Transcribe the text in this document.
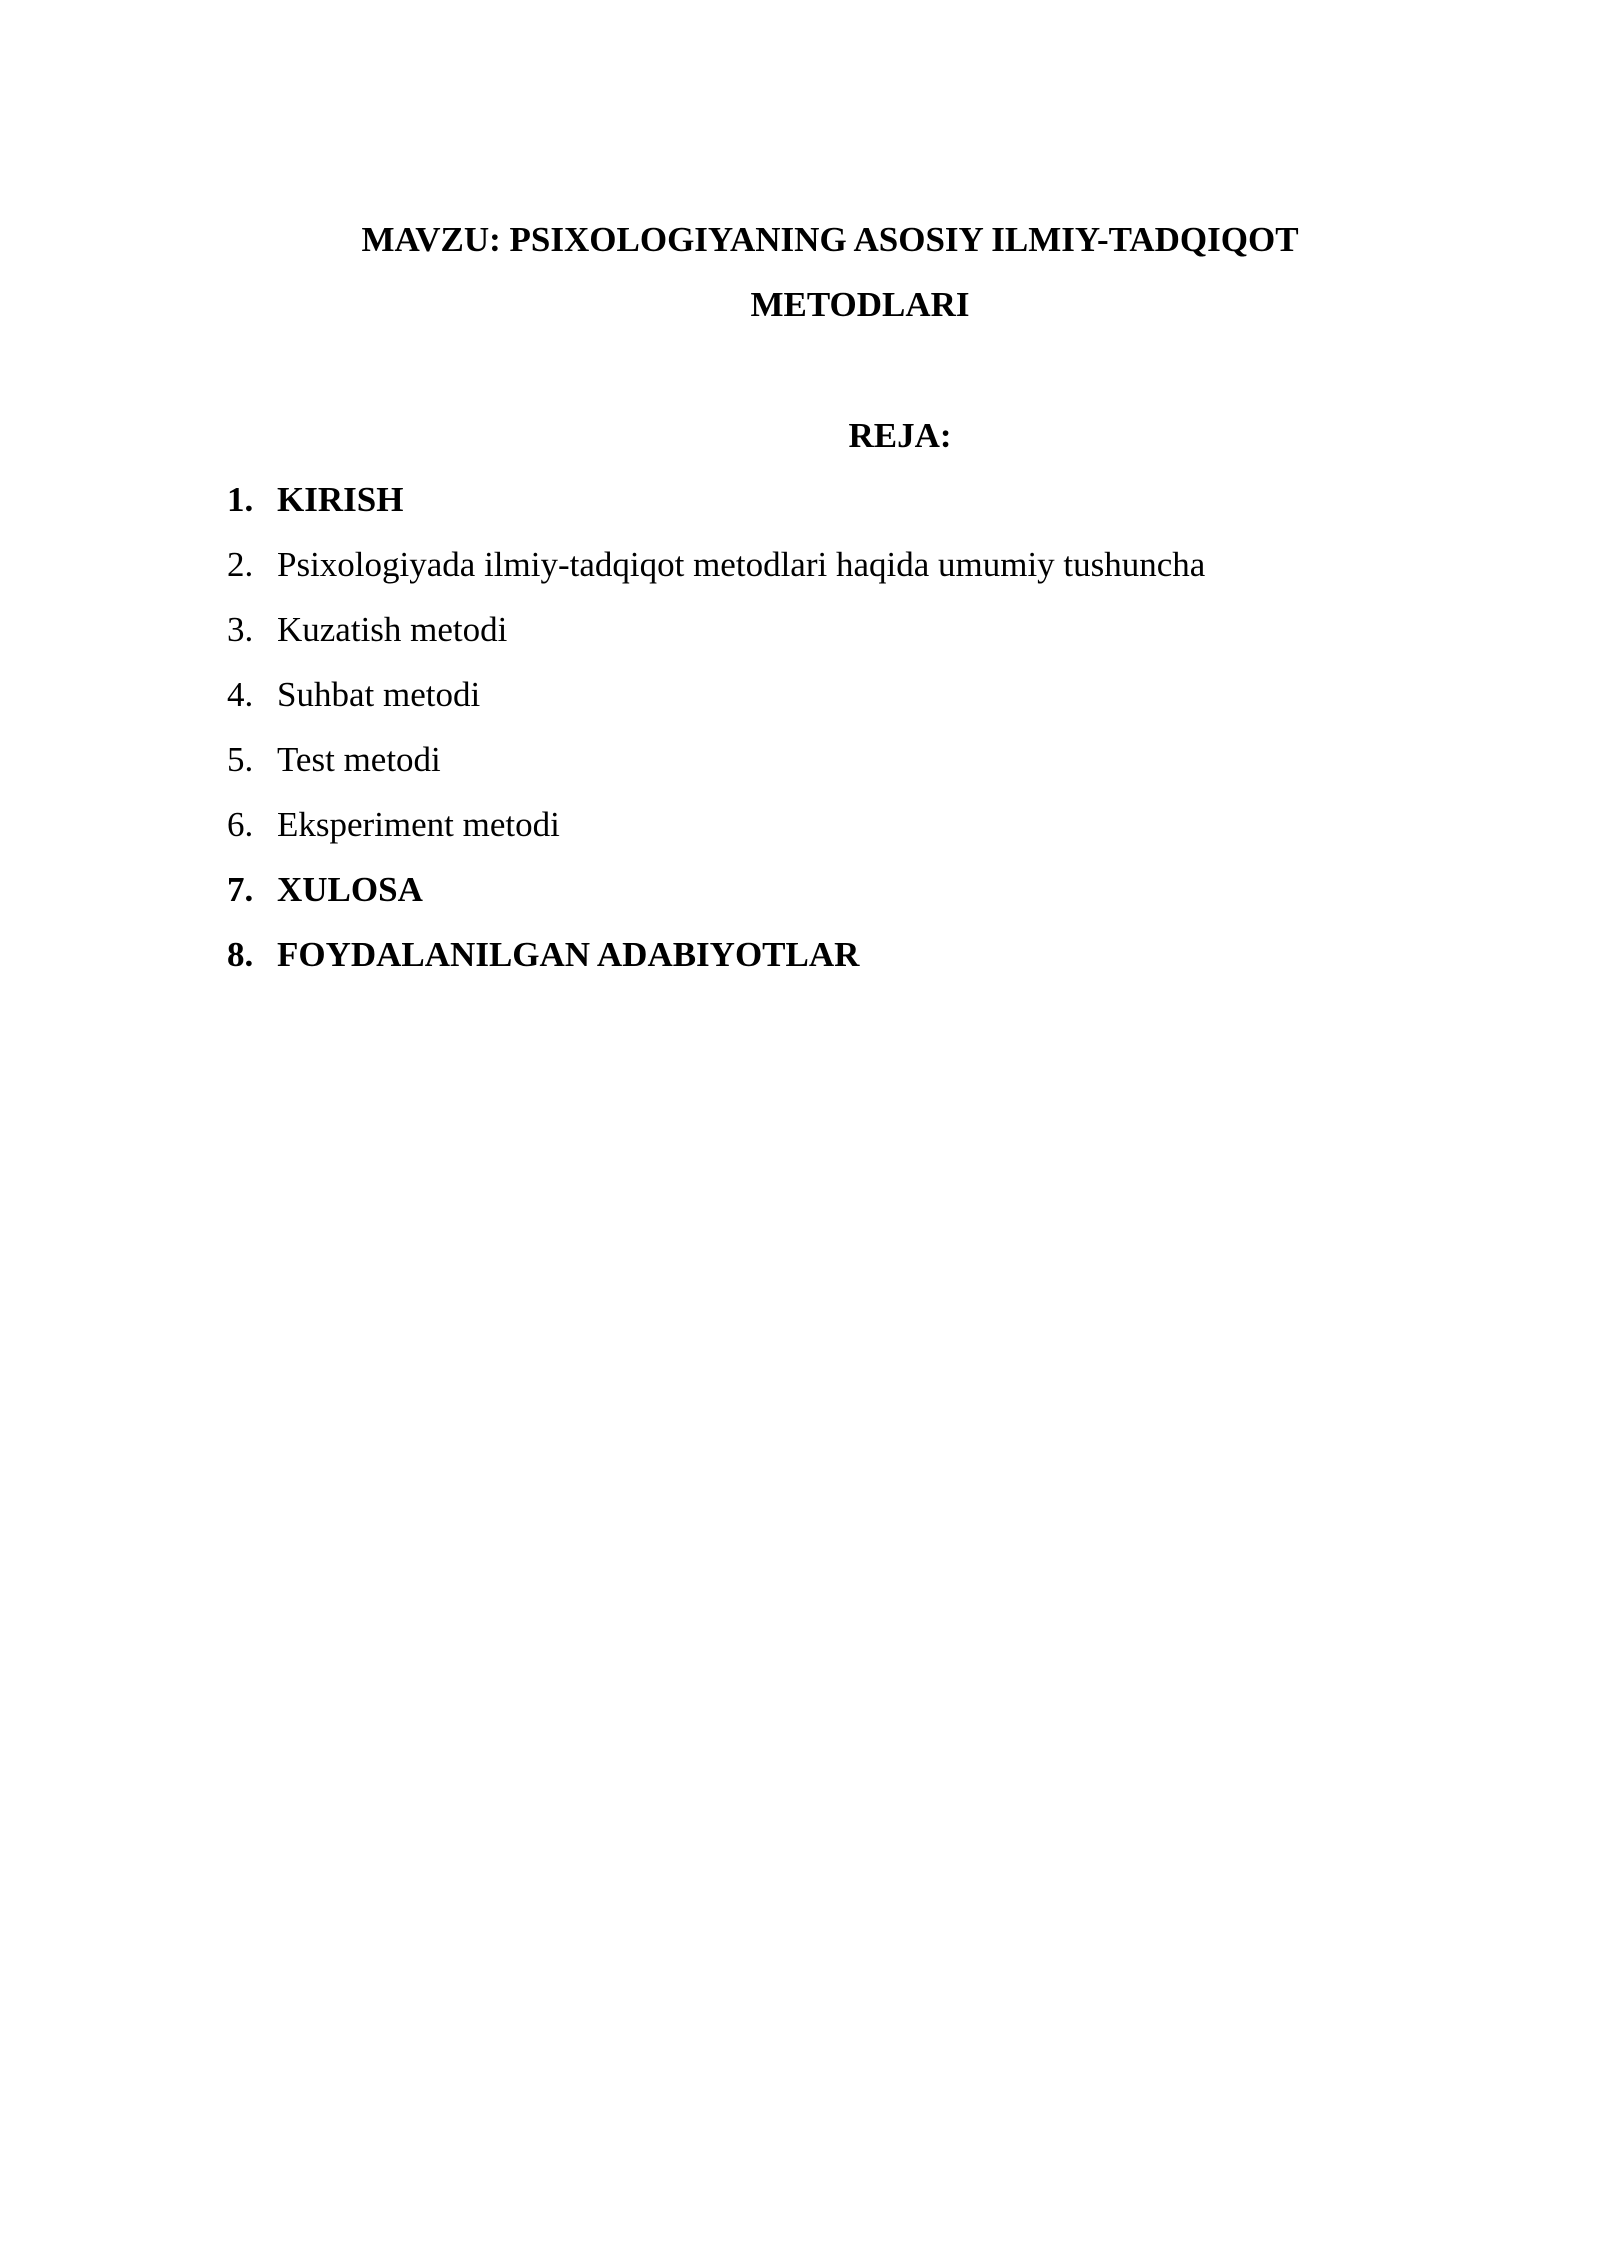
MAVZU: PSIXOLOGIYANING ASOSIY ILMIY-TADQIQOT
METODLARI
REJA:
1. KIRISH
2. Psixologiyada ilmiy-tadqiqot metodlari haqida umumiy tushuncha
3. Kuzatish metodi
4. Suhbat metodi
5. Test metodi
6. Eksperiment metodi
7. XULOSA
8. FOYDALANILGAN ADABIYOTLAR
